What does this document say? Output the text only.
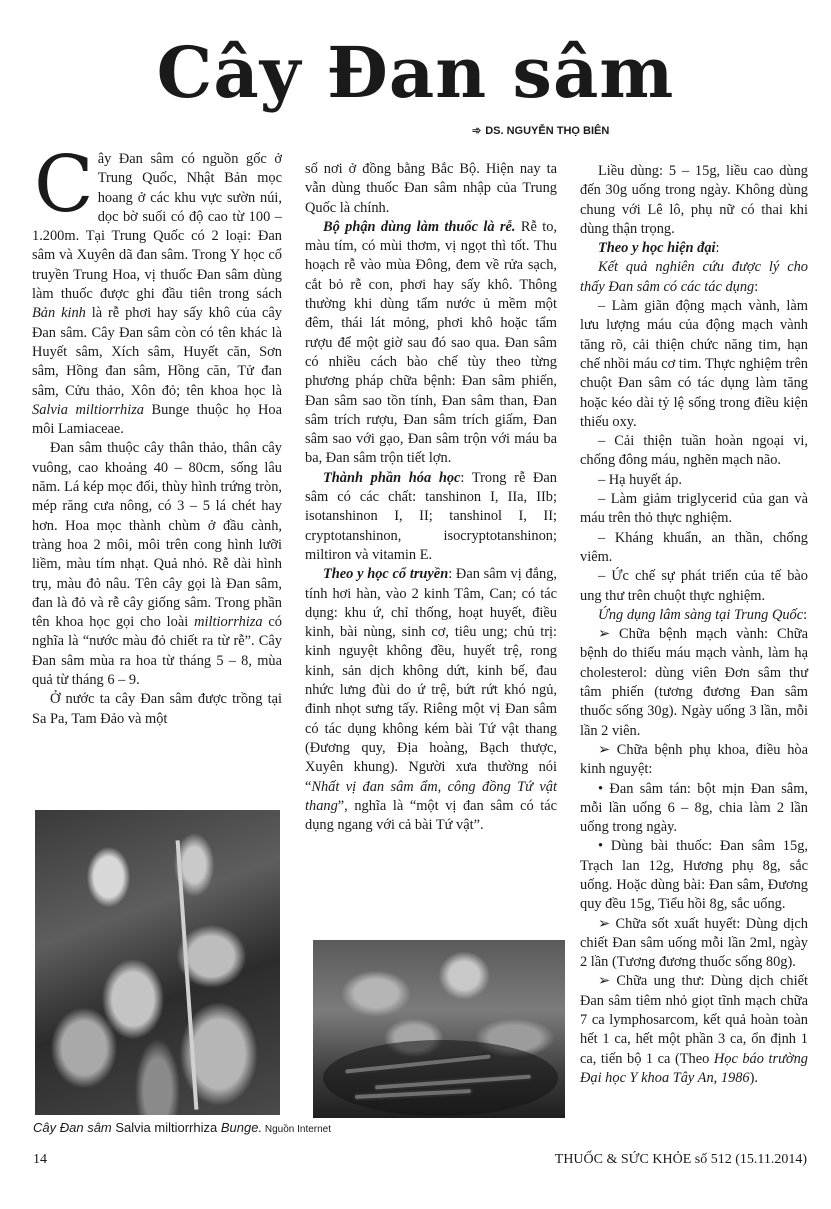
Cây Đan sâm
➾ DS. NGUYỄN THỌ BIÊN

Cây Đan sâm có nguồn gốc ở Trung Quốc, Nhật Bản mọc hoang ở các khu vực sườn núi, dọc bờ suối có độ cao từ 100 – 1.200m. Tại Trung Quốc có 2 loại: Đan sâm và Xuyên dã đan sâm. Trong Y học cổ truyền Trung Hoa, vị thuốc Đan sâm dùng làm thuốc được ghi đầu tiên trong sách Bản kinh là rễ phơi hay sấy khô của cây Đan sâm. Cây Đan sâm còn có tên khác là Huyết sâm, Xích sâm, Huyết căn, Sơn sâm, Hồng đan sâm, Hồng căn, Tử đan sâm, Cửu thảo, Xôn đỏ; tên khoa học là Salvia miltiorrhiza Bunge thuộc họ Hoa môi Lamiaceae.

Đan sâm thuộc cây thân thảo, thân cây vuông, cao khoảng 40 – 80cm, sống lâu năm. Lá kép mọc đối, thùy hình trứng tròn, mép răng cưa nông, có 3 – 5 lá chét hay hơn. Hoa mọc thành chùm ở đầu cành, tràng hoa 2 môi, môi trên cong hình lưỡi liềm, màu tím nhạt. Quả nhỏ. Rễ dài hình trụ, màu đỏ nâu. Tên cây gọi là Đan sâm, đan là đỏ và rễ cây giống sâm. Trong phần tên khoa học gọi cho loài miltiorrhiza có nghĩa là “nước màu đỏ chiết ra từ rễ”. Cây Đan sâm mùa ra hoa từ tháng 5 – 8, mùa quả từ tháng 6 – 9.

Ở nước ta cây Đan sâm được trồng tại Sa Pa, Tam Đảo và một

số nơi ở đồng bằng Bắc Bộ. Hiện nay ta vẫn dùng thuốc Đan sâm nhập của Trung Quốc là chính.

Bộ phận dùng làm thuốc là rễ. Rễ to, màu tím, có mùi thơm, vị ngọt thì tốt. Thu hoạch rễ vào mùa Đông, đem về rửa sạch, cắt bỏ rễ con, phơi hay sấy khô. Thông thường khi dùng tẩm nước ủ mềm một đêm, thái lát mỏng, phơi khô hoặc tẩm rượu để một giờ sau đó sao qua. Đan sâm có nhiều cách bào chế tùy theo từng phương pháp chữa bệnh: Đan sâm phiến, Đan sâm sao tồn tính, Đan sâm than, Đan sâm trích rượu, Đan sâm trích giấm, Đan sâm sao với gạo, Đan sâm trộn với máu ba ba, Đan sâm trộn tiết lợn.

Thành phần hóa học: Trong rễ Đan sâm có các chất: tanshinon I, IIa, IIb; isotanshinon I, II; tanshinol I, II; cryptotanshinon, isocryptotanshinon; miltiron và vitamin E.

Theo y học cổ truyền: Đan sâm vị đắng, tính hơi hàn, vào 2 kinh Tâm, Can; có tác dụng: khu ứ, chỉ thống, hoạt huyết, điều kinh, bài nùng, sinh cơ, tiêu ung; chủ trị: kinh nguyệt không đều, huyết trệ, rong kinh, sản dịch không dứt, kinh bế, đau nhức lưng đùi do ứ trệ, bứt rứt khó ngủ, đinh nhọt sưng tấy. Riêng một vị Đan sâm có tác dụng không kém bài Tứ vật thang (Đương quy, Địa hoàng, Bạch thược, Xuyên khung). Người xưa thường nói “Nhất vị đan sâm ẩm, công đồng Tứ vật thang”, nghĩa là “một vị đan sâm có tác dụng ngang với cả bài Tứ vật”.

Liều dùng: 5 – 15g, liều cao dùng đến 30g uống trong ngày. Không dùng chung với Lê lô, phụ nữ có thai khi dùng thận trọng.

Theo y học hiện đại:

Kết quả nghiên cứu được lý cho thấy Đan sâm có các tác dụng:

– Làm giãn động mạch vành, làm lưu lượng máu của động mạch vành tăng rõ, cải thiện chức năng tim, hạn chế nhồi máu cơ tim. Thực nghiệm trên chuột Đan sâm có tác dụng làm tăng hoặc kéo dài tỷ lệ sống trong điều kiện thiếu oxy.

– Cải thiện tuần hoàn ngoại vi, chống đông máu, nghẽn mạch não.

– Hạ huyết áp.

– Làm giảm triglycerid của gan và máu trên thỏ thực nghiệm.

– Kháng khuẩn, an thần, chống viêm.

– Ức chế sự phát triển của tế bào ung thư trên chuột thực nghiệm.

Ứng dụng lâm sàng tại Trung Quốc:

➢ Chữa bệnh mạch vành: Chữa bệnh do thiếu máu mạch vành, làm hạ cholesterol: dùng viên Đơn sâm thư tâm phiến (tương đương Đan sâm thuốc sống 30g). Ngày uống 3 lần, mỗi lần 2 viên.

➢ Chữa bệnh phụ khoa, điều hòa kinh nguyệt:

• Đan sâm tán: bột mịn Đan sâm, mỗi lần uống 6 – 8g, chia làm 2 lần uống trong ngày.

• Dùng bài thuốc: Đan sâm 15g, Trạch lan 12g, Hương phụ 8g, sắc uống. Hoặc dùng bài: Đan sâm, Đương quy đều 15g, Tiểu hồi 8g, sắc uống.

➢ Chữa sốt xuất huyết: Dùng dịch chiết Đan sâm uống mỗi lần 2ml, ngày 2 lần (Tương đương thuốc sống 80g).

➢ Chữa ung thư: Dùng dịch chiết Đan sâm tiêm nhỏ giọt tĩnh mạch chữa 7 ca lymphosarcom, kết quả hoàn toàn hết 1 ca, hết một phần 3 ca, ổn định 1 ca, tiến bộ 1 ca (Theo Học báo trường Đại học Y khoa Tây An, 1986).

Cây Đan sâm Salvia miltiorrhiza Bunge. Nguồn Internet
14	THUỐC & SỨC KHỎE số 512 (15.11.2014)
